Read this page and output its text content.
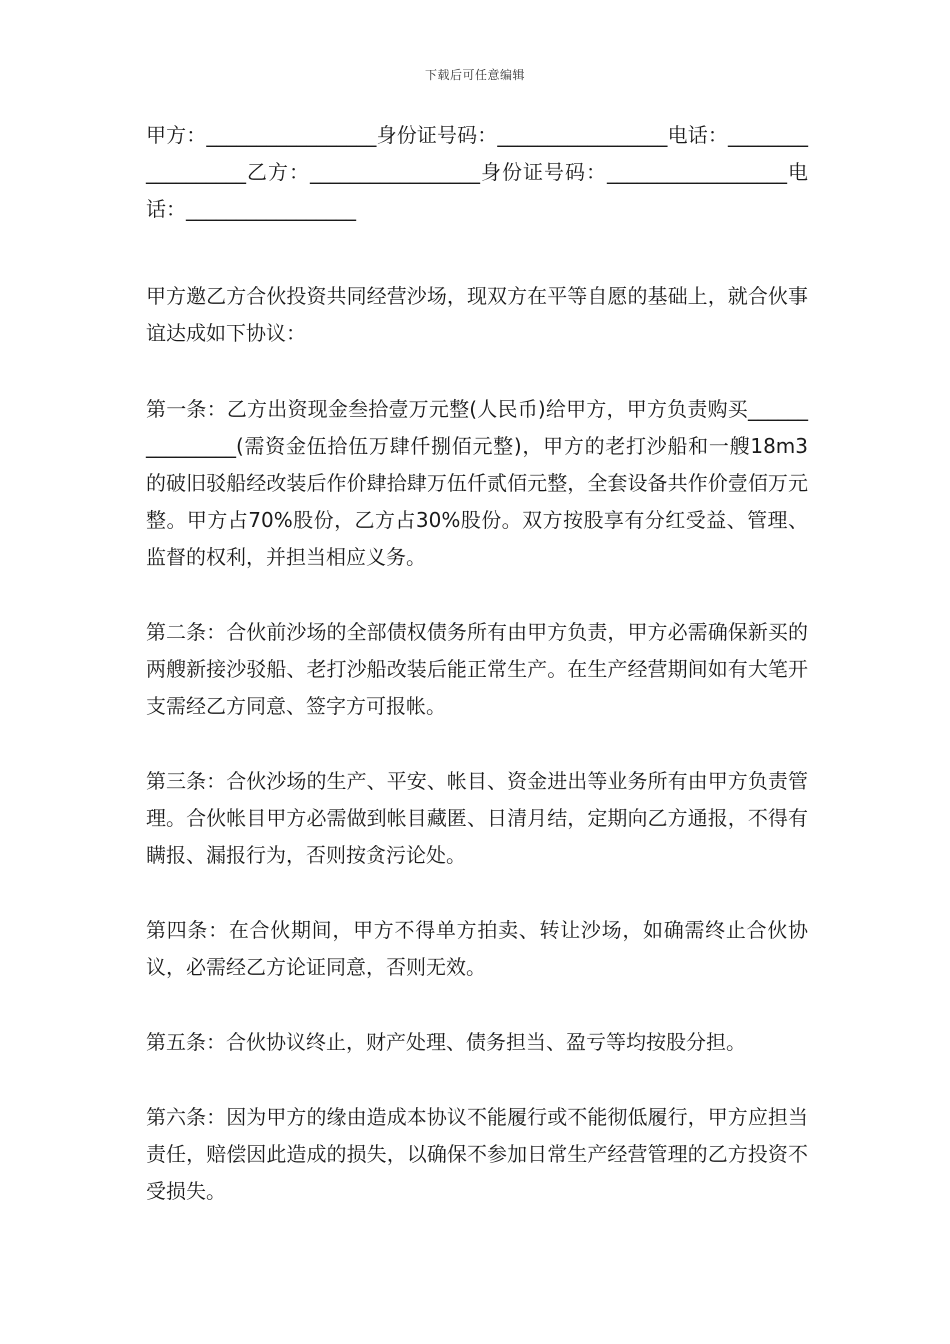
下载后可任意编辑

甲方：_________________身份证号码：_________________电话：__________________乙方：_________________身份证号码：__________________电话：_________________

甲方邀乙方合伙投资共同经营沙场，现双方在平等自愿的基础上，就合伙事谊达成如下协议：

第一条：乙方出资现金叁拾壹万元整(人民币)给甲方，甲方负责购买_______________(需资金伍拾伍万肆仟捌佰元整)，甲方的老打沙船和一艘18m3的破旧驳船经改装后作价肆拾肆万伍仟贰佰元整，全套设备共作价壹佰万元整。甲方占70%股份，乙方占30%股份。双方按股享有分红受益、管理、监督的权利，并担当相应义务。

第二条：合伙前沙场的全部债权债务所有由甲方负责，甲方必需确保新买的两艘新接沙驳船、老打沙船改装后能正常生产。在生产经营期间如有大笔开支需经乙方同意、签字方可报帐。

第三条：合伙沙场的生产、平安、帐目、资金进出等业务所有由甲方负责管理。合伙帐目甲方必需做到帐目藏匿、日清月结，定期向乙方通报，不得有瞒报、漏报行为，否则按贪污论处。

第四条：在合伙期间，甲方不得单方拍卖、转让沙场，如确需终止合伙协议，必需经乙方论证同意，否则无效。

第五条：合伙协议终止，财产处理、债务担当、盈亏等均按股分担。

第六条：因为甲方的缘由造成本协议不能履行或不能彻低履行，甲方应担当责任，赔偿因此造成的损失，以确保不参加日常生产经营管理的乙方投资不受损失。
